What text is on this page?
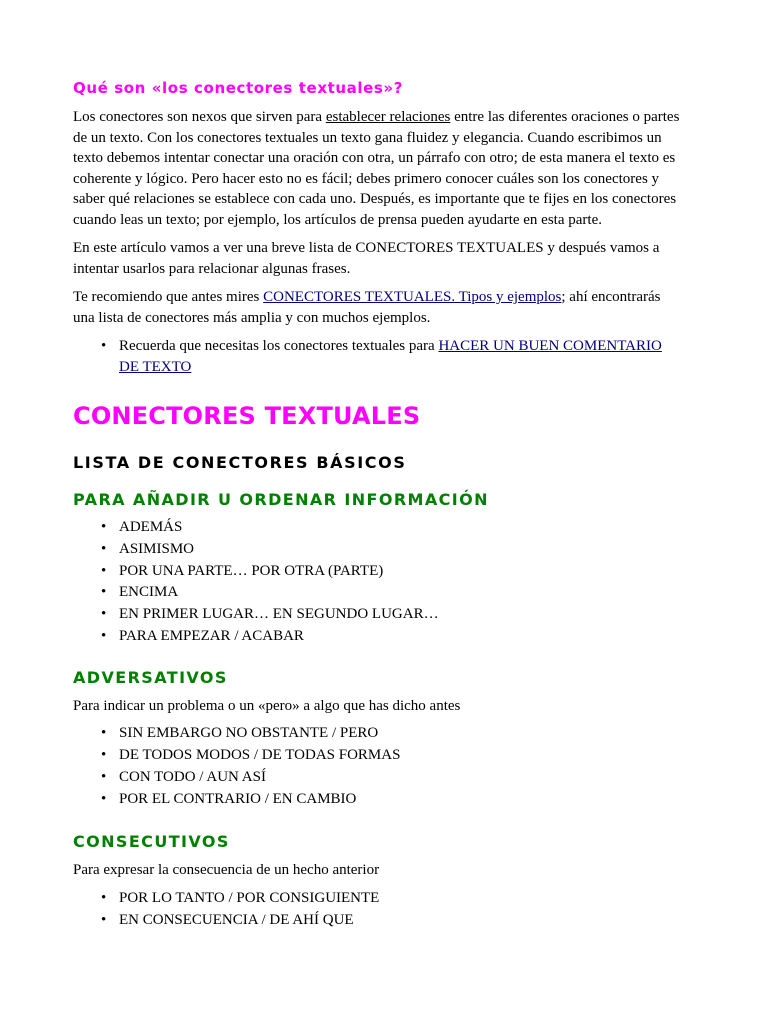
Qué son «los conectores textuales»?

Los conectores son nexos que sirven para establecer relaciones entre las diferentes oraciones o partes de un texto. Con los conectores textuales un texto gana fluidez y elegancia. Cuando escribimos un texto debemos intentar conectar una oración con otra, un párrafo con otro; de esta manera el texto es coherente y lógico. Pero hacer esto no es fácil; debes primero conocer cuáles son los conectores y saber qué relaciones se establece con cada uno. Después, es importante que te fijes en los conectores cuando leas un texto; por ejemplo, los artículos de prensa pueden ayudarte en esta parte.

En este artículo vamos a ver una breve lista de CONECTORES TEXTUALES y después vamos a intentar usarlos para relacionar algunas frases.

Te recomiendo que antes mires CONECTORES TEXTUALES. Tipos y ejemplos; ahí encontrarás una lista de conectores más amplia y con muchos ejemplos.

• Recuerda que necesitas los conectores textuales para HACER UN BUEN COMENTARIO DE TEXTO
CONECTORES TEXTUALES
LISTA DE CONECTORES BÁSICOS
PARA AÑADIR U ORDENAR INFORMACIÓN
• ADEMÁS
• ASIMISMO
• POR UNA PARTE… POR OTRA (PARTE)
• ENCIMA
• EN PRIMER LUGAR… EN SEGUNDO LUGAR…
• PARA EMPEZAR / ACABAR
ADVERSATIVOS

Para indicar un problema o un «pero» a algo que has dicho antes

• SIN EMBARGO NO OBSTANTE / PERO
• DE TODOS MODOS / DE TODAS FORMAS
• CON TODO / AUN ASÍ
• POR EL CONTRARIO / EN CAMBIO
CONSECUTIVOS

Para expresar la consecuencia de un hecho anterior

• POR LO TANTO / POR CONSIGUIENTE
• EN CONSECUENCIA / DE AHÍ QUE
